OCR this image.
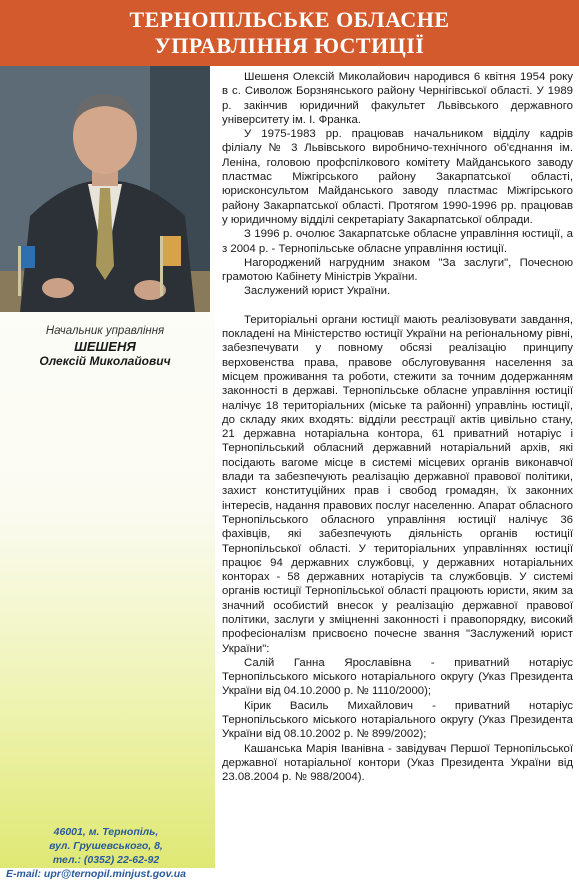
ТЕРНОПІЛЬСЬКЕ ОБЛАСНЕ
УПРАВЛІННЯ ЮСТИЦІЇ
Начальник управління
ШЕШЕНЯ
Олексій Миколайович
46001, м. Тернопіль,
вул. Грушевського, 8,
тел.: (0352) 22-62-92
E-mail: upr@ternopil.minjust.gov.ua

Шешеня Олексій Миколайович народився 6 квітня 1954 року в с. Сиволож Борзнянського району Чернігівської області. У 1989 р. закінчив юридичний факультет Львівського державного університету ім. І. Франка.

У 1975-1983 рр. працював начальником відділу кадрів філіалу № 3 Львівського виробничо-технічного об'єднання ім. Леніна, головою профспілкового комітету Майданського заводу пластмас Міжгірського району Закарпатської області, юрисконсультом Майданського заводу пластмас Міжгірського району Закарпатської області. Протягом 1990-1996 рр. працював у юридичному відділі секретаріату Закарпатської облради.

З 1996 р. очолює Закарпатське обласне управління юстиції, а з 2004 р. - Тернопільське обласне управління юстиції.

Нагороджений нагрудним знаком "За заслуги", Почесною грамотою Кабінету Міністрів України.

Заслужений юрист України.

Територіальні органи юстиції мають реалізовувати завдання, покладені на Міністерство юстиції України на регіональному рівні, забезпечувати у повному обсязі реалізацію принципу верховенства права, правове обслуговування населення за місцем проживання та роботи, стежити за точним додержанням законності в державі. Тернопільське обласне управління юстиції налічує 18 територіальних (міське та районні) управлінь юстиції, до складу яких входять: відділи реєстрації актів цивільно стану, 21 державна нотаріальна контора, 61 приватний нотаріус і Тернопільський обласний державний нотаріальний архів, які посідають вагоме місце в системі місцевих органів виконавчої влади та забезпечують реалізацію державної правової політики, захист конституційних прав і свобод громадян, їх законних інтересів, надання правових послуг населенню. Апарат обласного Тернопільського обласного управління юстиції налічує 36 фахівців, які забезпечують діяльність органів юстиції Тернопільської області. У територіальних управліннях юстиції працює 94 державних службовці, у державних нотаріальних конторах - 58 державних нотаріусів та службовців. У системі органів юстиції Тернопільської області працюють юристи, яким за значний особистий внесок у реалізацію державної правової політики, заслуги у зміцненні законності і правопорядку, високий професіоналізм присвоєно почесне звання "Заслужений юрист України":

Салій Ганна Ярославівна - приватний нотаріус Тернопільського міського нотаріального округу (Указ Президента України від 04.10.2000 р. № 1110/2000);

Кірик Василь Михайлович - приватний нотаріус Тернопільського міського нотаріального округу (Указ Президента України від 08.10.2002 р. № 899/2002);

Кашанська Марія Іванівна - завідувач Першої Тернопільської державної нотаріальної контори (Указ Президента України від 23.08.2004 р. № 988/2004).
